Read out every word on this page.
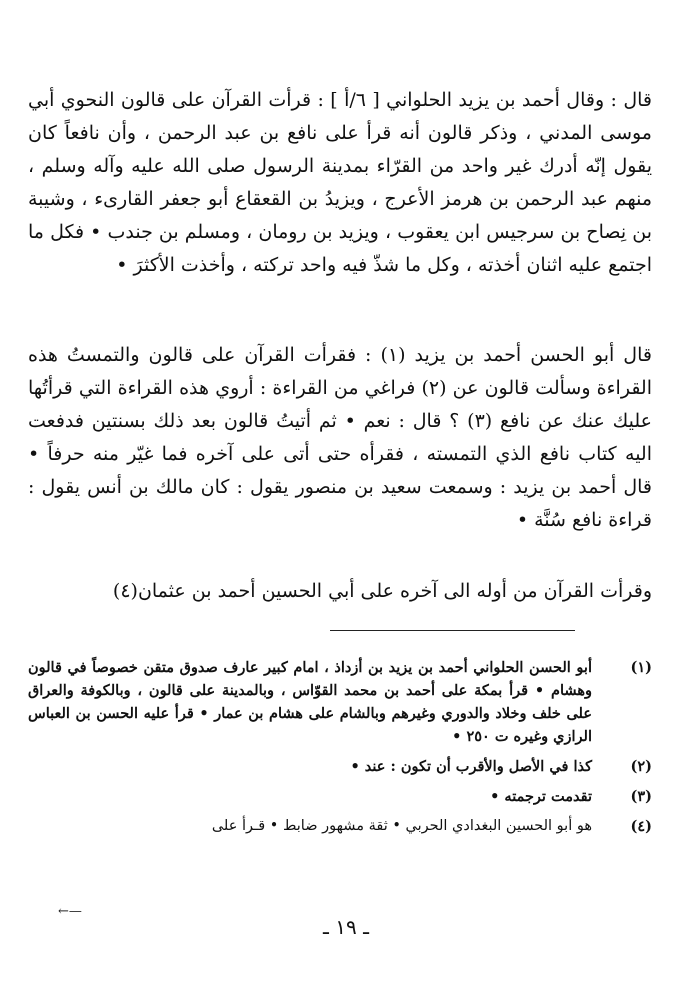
قال : وقال أحمد بن يزيد الحلواني [ ٦/أ ] : قرأت القرآن على قالون النحوي أبي موسى المدني ، وذكر قالون أنه قرأ على نافع بن عبد الرحمن ، وأن نافعاً كان يقول إنّه أدرك غير واحد من القرّاء بمدينة الرسول صلى الله عليه وآله وسلم ، منهم عبد الرحمن بن هرمز الأعرج ، ويزيدُ بن القعقاع أبو جعفر القارىء ، وشيبة بن نِصاح بن سرجيس ابن يعقوب ، ويزيد بن رومان ، ومسلم بن جندب • فكل ما اجتمع عليه اثنان أخذته ، وكل ما شذّ فيه واحد تركته ، وأخذت الأكثرَ •

قال أبو الحسن أحمد بن يزيد (١) : فقرأت القرآن على قالون والتمستُ هذه القراءة وسألت قالون عن (٢) فراغي من القراءة : أروي هذه القراءة التي قرأتُها عليك عنك عن نافع (٣) ؟ قال : نعم • ثم أتيتُ قالون بعد ذلك بسنتين فدفعت اليه كتاب نافع الذي التمسته ، فقرأه حتى أتى على آخره فما غيّر منه حرفاً • قال أحمد بن يزيد : وسمعت سعيد بن منصور يقول : كان مالك بن أنس يقول : قراءة نافع سُنَّة •

وقرأت القرآن من أوله الى آخره على أبي الحسين أحمد بن عثمان(٤)

(١)
أبو الحسن الحلواني أحمد بن يزيد بن أزداذ ، امام كبير عارف صدوق متقن خصوصاً في قالون وهشام • قرأ بمكة على أحمد بن محمد القوّاس ، وبالمدينة على قالون ، وبالكوفة والعراق على خلف وخلاد والدوري وغيرهم وبالشام على هشام بن عمار • قرأ عليه الحسن بن العباس الرازي وغيره ت ٢٥٠ •
(٢)
كذا في الأصل والأقرب أن تكون : عند •
(٣)
تقدمت ترجمته •
(٤)
هو أبو الحسين البغدادي الحربي • ثقة مشهور ضابط • قـرأ على
←—
ـ ١٩ ـ
